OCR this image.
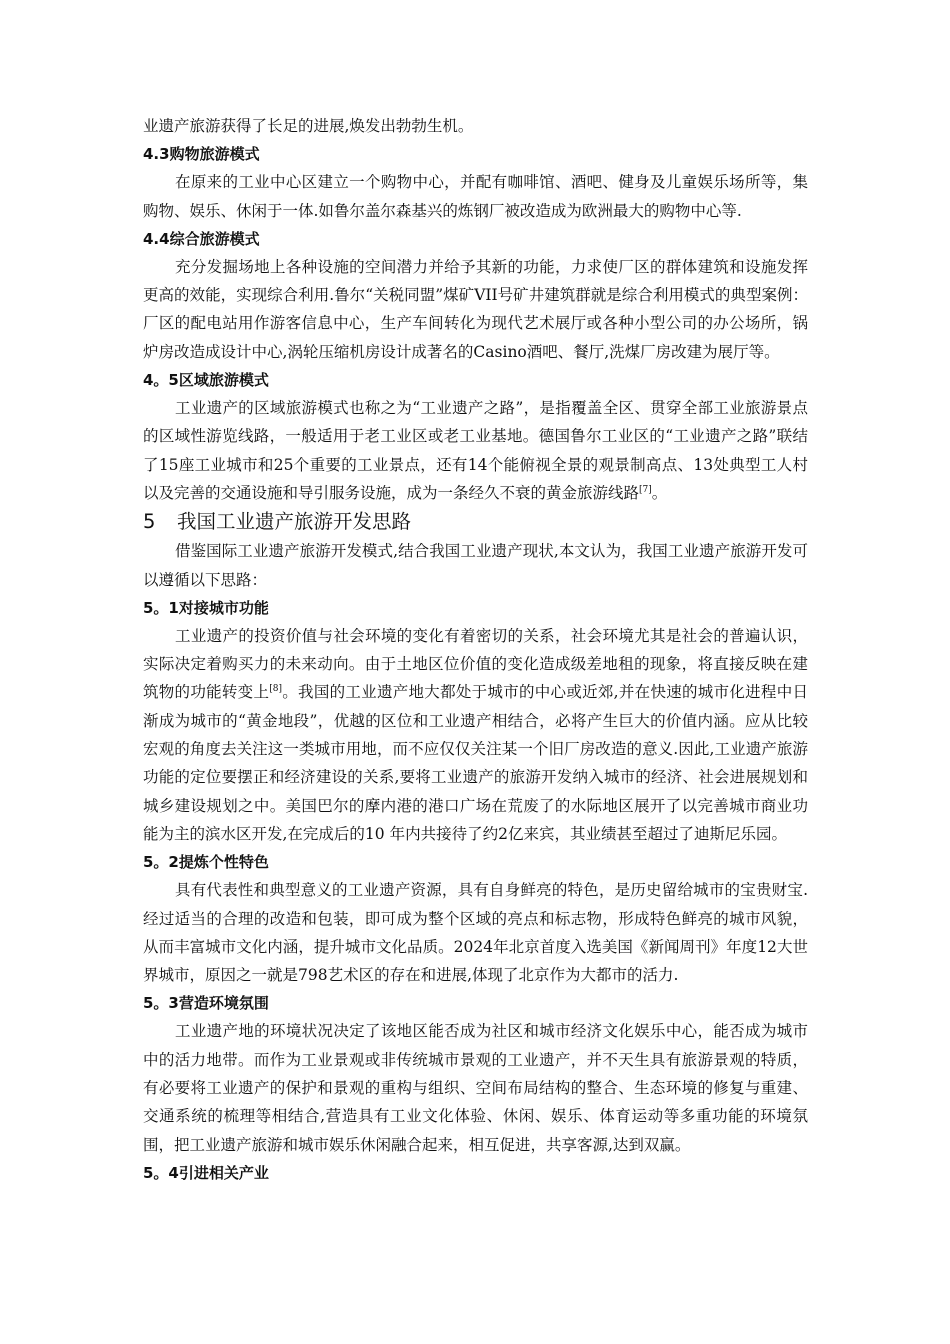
业遗产旅游获得了长足的进展,焕发出勃勃生机。

4.3购物旅游模式

在原来的工业中心区建立一个购物中心，并配有咖啡馆、酒吧、健身及儿童娱乐场所等，集购物、娱乐、休闲于一体.如鲁尔盖尔森基兴的炼钢厂被改造成为欧洲最大的购物中心等.

4.4综合旅游模式

充分发掘场地上各种设施的空间潜力并给予其新的功能，力求使厂区的群体建筑和设施发挥更高的效能，实现综合利用.鲁尔“关税同盟”煤矿VII号矿井建筑群就是综合利用模式的典型案例：厂区的配电站用作游客信息中心，生产车间转化为现代艺术展厅或各种小型公司的办公场所，锅炉房改造成设计中心,涡轮压缩机房设计成著名的Casino酒吧、餐厅,洗煤厂房改建为展厅等。

4。5区域旅游模式

工业遗产的区域旅游模式也称之为“工业遗产之路”，是指覆盖全区、贯穿全部工业旅游景点的区域性游览线路，一般适用于老工业区或老工业基地。德国鲁尔工业区的“工业遗产之路”联结了15座工业城市和25个重要的工业景点，还有14个能俯视全景的观景制高点、13处典型工人村以及完善的交通设施和导引服务设施，成为一条经久不衰的黄金旅游线路[7]。

5 我国工业遗产旅游开发思路

借鉴国际工业遗产旅游开发模式,结合我国工业遗产现状,本文认为，我国工业遗产旅游开发可以遵循以下思路：

5。1对接城市功能

工业遗产的投资价值与社会环境的变化有着密切的关系，社会环境尤其是社会的普遍认识，实际决定着购买力的未来动向。由于土地区位价值的变化造成级差地租的现象，将直接反映在建筑物的功能转变上[8]。我国的工业遗产地大都处于城市的中心或近郊,并在快速的城市化进程中日渐成为城市的“黄金地段”，优越的区位和工业遗产相结合，必将产生巨大的价值内涵。应从比较宏观的角度去关注这一类城市用地，而不应仅仅关注某一个旧厂房改造的意义.因此,工业遗产旅游功能的定位要摆正和经济建设的关系,要将工业遗产的旅游开发纳入城市的经济、社会进展规划和城乡建设规划之中。美国巴尔的摩内港的港口广场在荒废了的水际地区展开了以完善城市商业功能为主的滨水区开发,在完成后的10 年内共接待了约2亿来宾，其业绩甚至超过了迪斯尼乐园。

5。2提炼个性特色

具有代表性和典型意义的工业遗产资源，具有自身鲜亮的特色，是历史留给城市的宝贵财宝.经过适当的合理的改造和包装，即可成为整个区域的亮点和标志物，形成特色鲜亮的城市风貌，从而丰富城市文化内涵，提升城市文化品质。2024年北京首度入选美国《新闻周刊》年度12大世界城市，原因之一就是798艺术区的存在和进展,体现了北京作为大都市的活力.

5。3营造环境氛围

工业遗产地的环境状况决定了该地区能否成为社区和城市经济文化娱乐中心，能否成为城市中的活力地带。而作为工业景观或非传统城市景观的工业遗产，并不天生具有旅游景观的特质，有必要将工业遗产的保护和景观的重构与组织、空间布局结构的整合、生态环境的修复与重建、交通系统的梳理等相结合,营造具有工业文化体验、休闲、娱乐、体育运动等多重功能的环境氛围，把工业遗产旅游和城市娱乐休闲融合起来，相互促进，共享客源,达到双赢。

5。4引进相关产业
